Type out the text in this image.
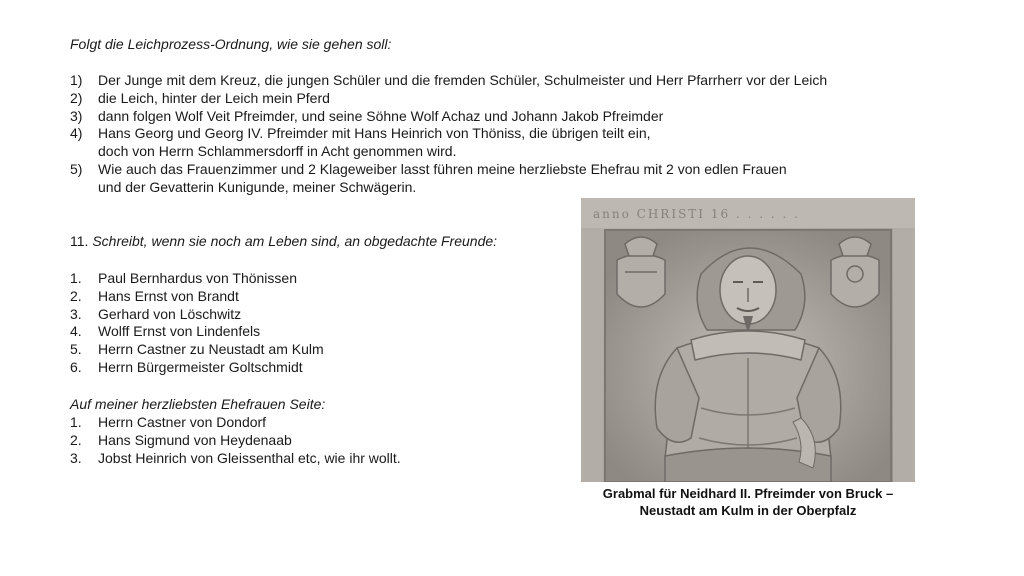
Folgt die Leichprozess-Ordnung, wie sie gehen soll:
1) Der Junge mit dem Kreuz, die jungen Schüler und die fremden Schüler, Schulmeister und Herr Pfarrherr vor der Leich
2) die Leich, hinter der Leich mein Pferd
3) dann folgen Wolf Veit Pfreimder, und seine Söhne Wolf Achaz und Johann Jakob Pfreimder
4) Hans Georg und Georg IV. Pfreimder mit Hans Heinrich von Thöniss, die übrigen teilt ein,
doch von Herrn Schlammersdorff in Acht genommen wird.
5) Wie auch das Frauenzimmer und 2 Klageweiber lasst führen meine herzliebste Ehefrau mit 2 von edlen Frauen
und der Gevatterin Kunigunde, meiner Schwägerin.
11. Schreibt, wenn sie noch am Leben sind, an obgedachte Freunde:
1. Paul Bernhardus von Thönissen
2. Hans Ernst von Brandt
3. Gerhard von Löschwitz
4. Wolff Ernst von Lindenfels
5. Herrn Castner zu Neustadt am Kulm
6. Herrn Bürgermeister Goltschmidt
Auf meiner herzliebsten Ehefrauen Seite:
1. Herrn Castner von Dondorf
2. Hans Sigmund von Heydenaab
3. Jobst Heinrich von Gleissenthal etc, wie ihr wollt.
anno CHRISTI 16 . . . . . .
Grabmal für Neidhard II. Pfreimder von Bruck –
Neustadt am Kulm in der Oberpfalz
